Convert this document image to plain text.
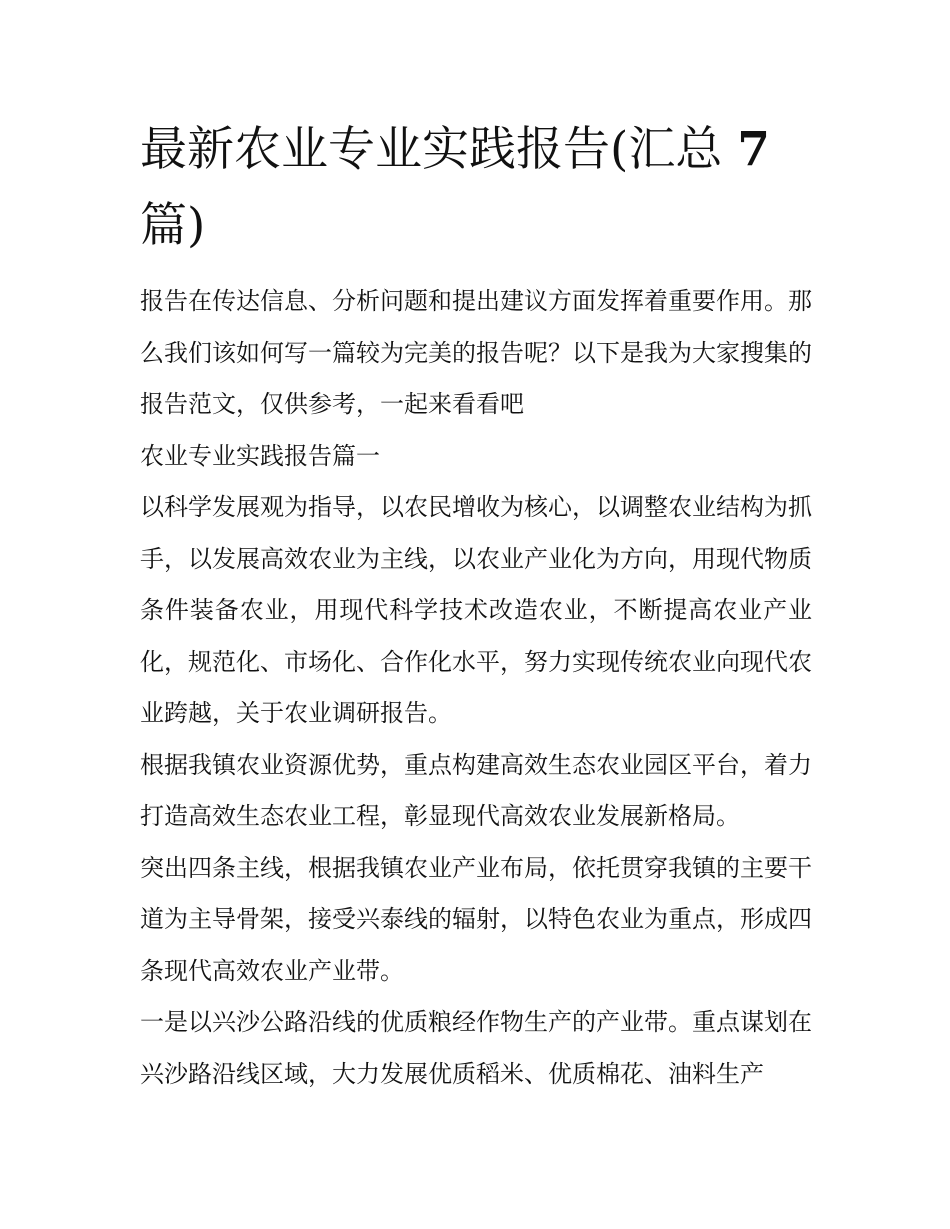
最新农业专业实践报告(汇总 7
篇)

报告在传达信息、分析问题和提出建议方面发挥着重要作用。那么我们该如何写一篇较为完美的报告呢？以下是我为大家搜集的报告范文，仅供参考，一起来看看吧

农业专业实践报告篇一

以科学发展观为指导，以农民增收为核心，以调整农业结构为抓手，以发展高效农业为主线，以农业产业化为方向，用现代物质条件装备农业，用现代科学技术改造农业，不断提高农业产业化，规范化、市场化、合作化水平，努力实现传统农业向现代农业跨越，关于农业调研报告。

根据我镇农业资源优势，重点构建高效生态农业园区平台，着力打造高效生态农业工程，彰显现代高效农业发展新格局。

突出四条主线，根据我镇农业产业布局，依托贯穿我镇的主要干道为主导骨架，接受兴泰线的辐射，以特色农业为重点，形成四条现代高效农业产业带。

一是以兴沙公路沿线的优质粮经作物生产的产业带。重点谋划在兴沙路沿线区域，大力发展优质稻米、优质棉花、油料生产
